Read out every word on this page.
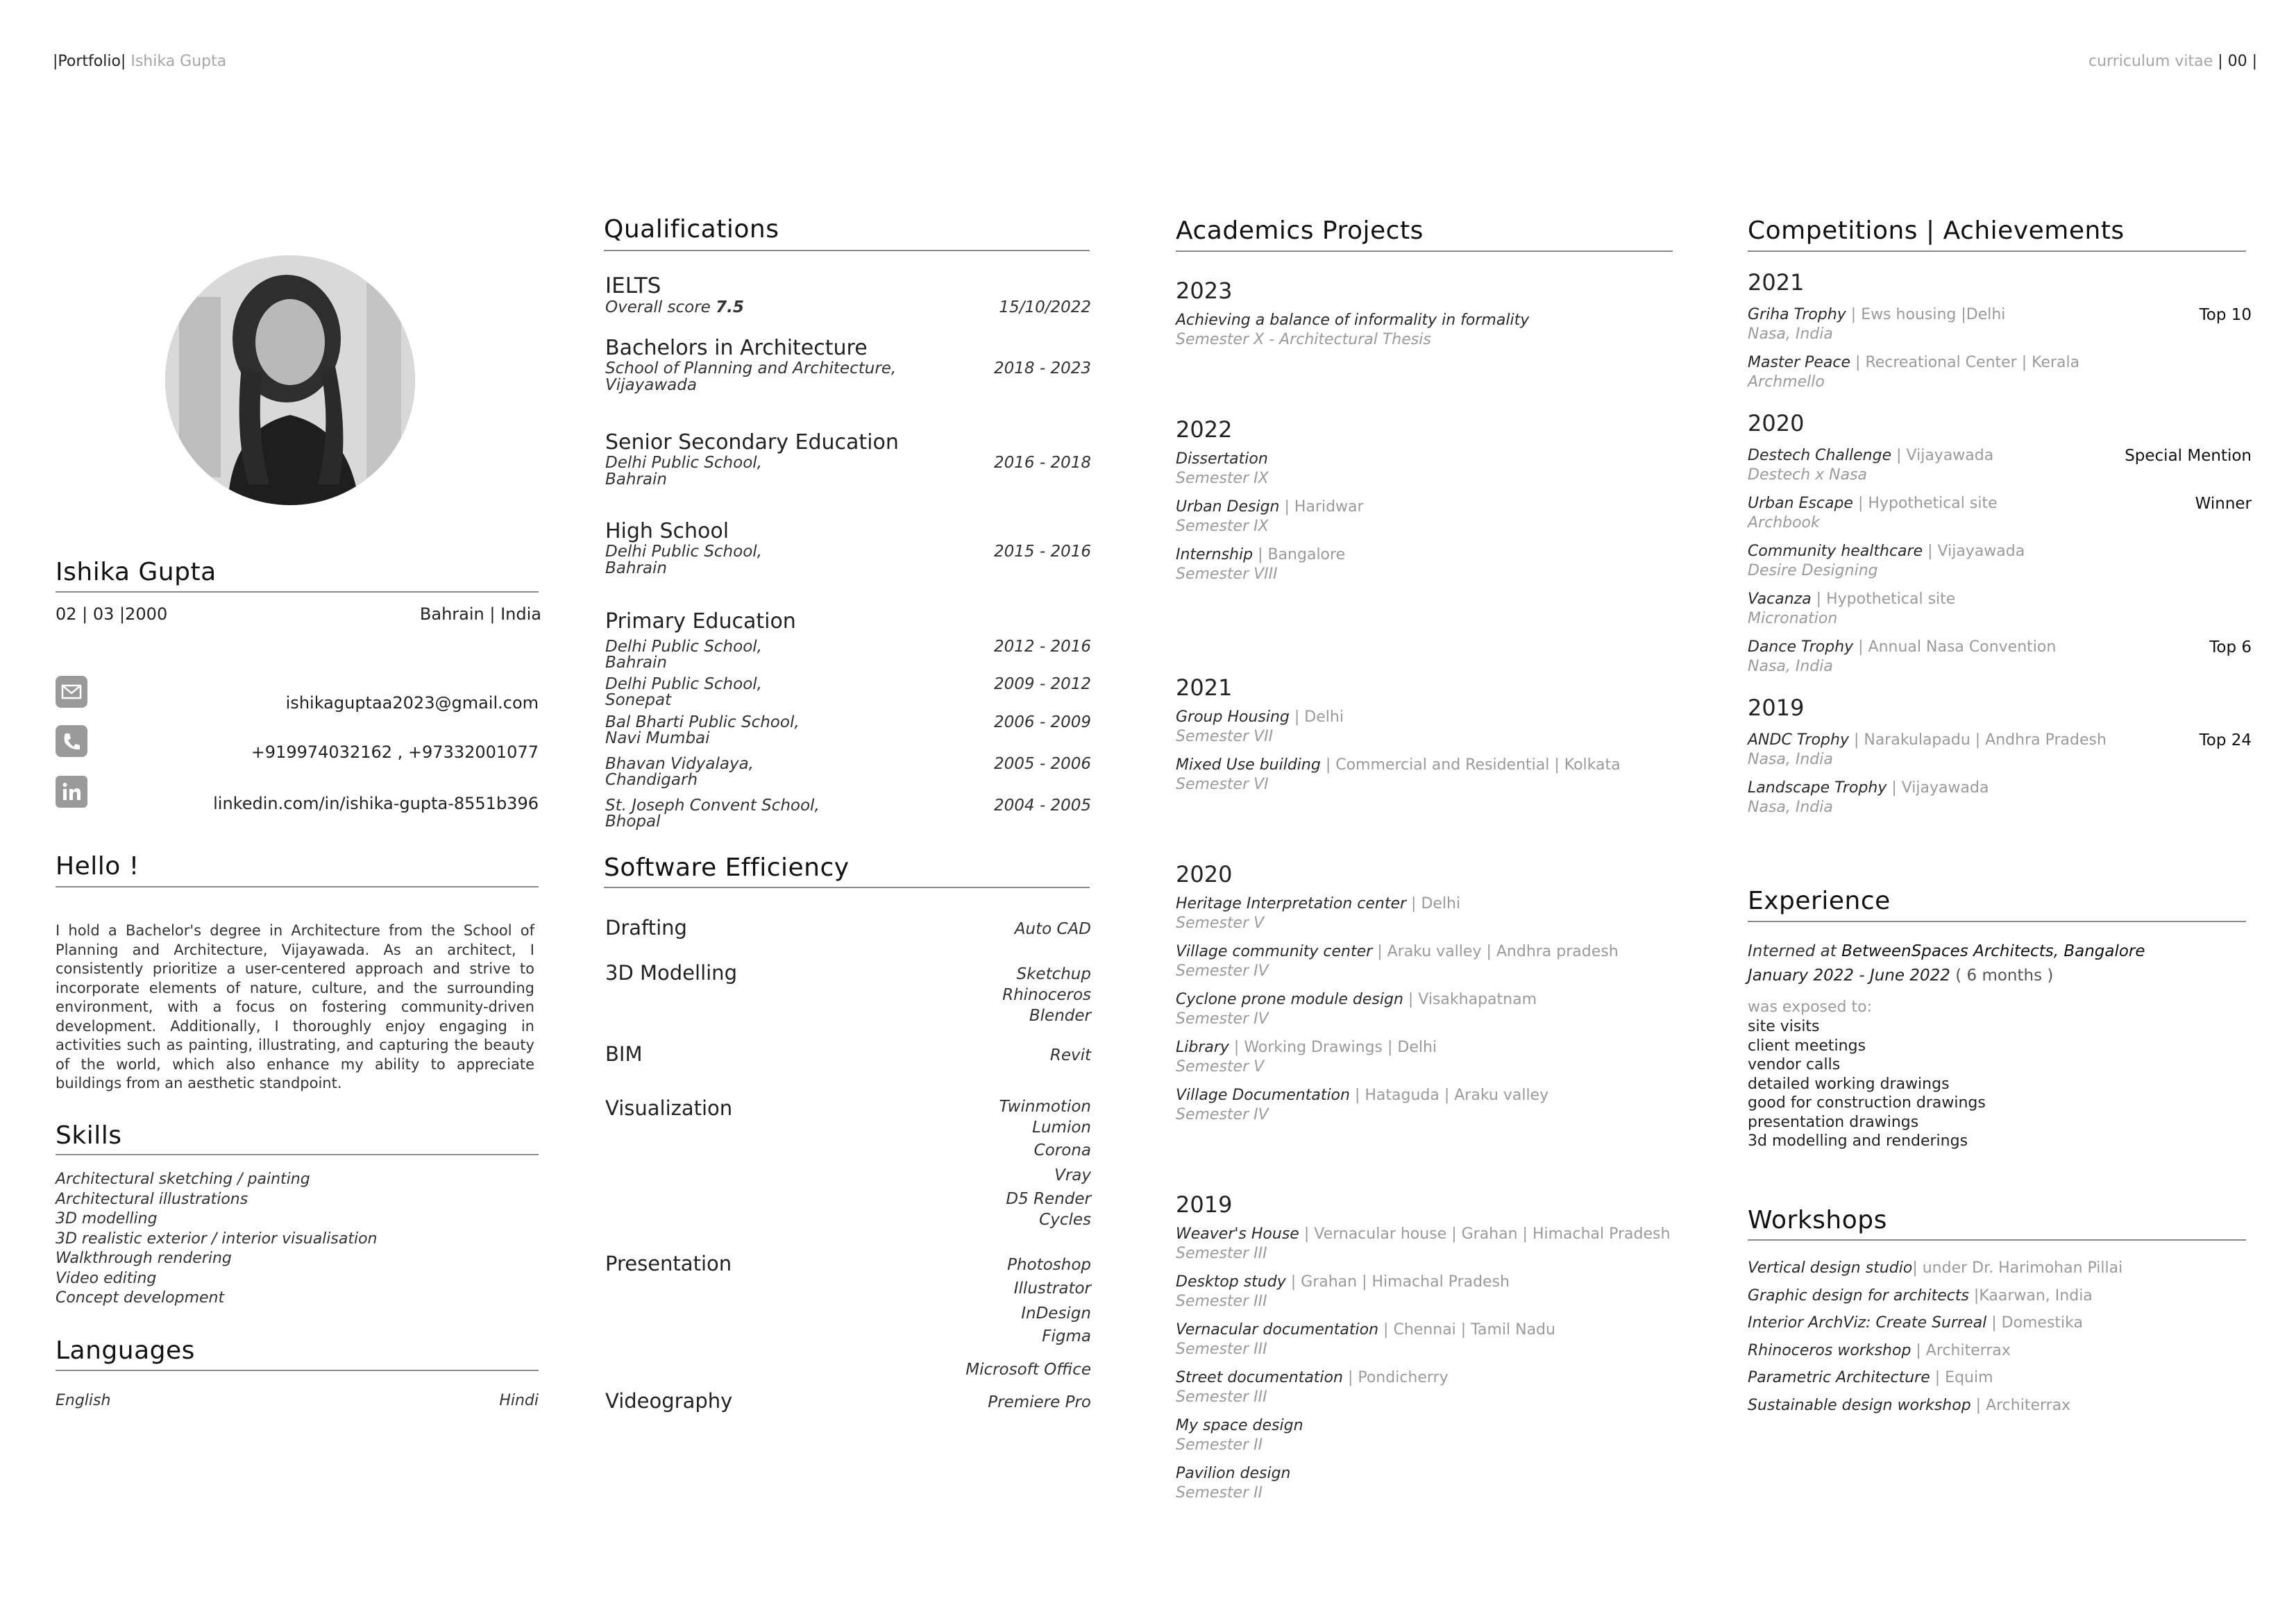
|Portfolio| Ishika Gupta	curriculum vitae | 00 |
Ishika Gupta
02 | 03 |2000	Bahrain | India
ishikaguptaa2023@gmail.com
+919974032162 , +97332001077
linkedin.com/in/ishika-gupta-8551b396
Hello !
I hold a Bachelor's degree in Architecture from the School of Planning and Architecture, Vijayawada. As an architect, I consistently prioritize a user-centered approach and strive to incorporate elements of nature, culture, and the surrounding environment, with a focus on fostering community-driven development. Additionally, I thoroughly enjoy engaging in activities such as painting, illustrating, and capturing the beauty of the world, which also enhance my ability to appreciate buildings from an aesthetic standpoint.
Skills
Architectural sketching / painting
Architectural illustrations
3D modelling
3D realistic exterior / interior visualisation
Walkthrough rendering
Video editing
Concept development
Languages
English	Hindi
Qualifications
IELTS
Overall score 7.5	15/10/2022
Bachelors in Architecture
School of Planning and Architecture,
Vijayawada
2018 - 2023
Senior Secondary Education
Delhi Public School,
Bahrain
2016 - 2018
High School
Delhi Public School,
Bahrain
2015 - 2016
Primary Education
Delhi Public School,
Bahrain
2012 - 2016
Delhi Public School,
Sonepat
2009 - 2012
Bal Bharti Public School,
Navi Mumbai
2006 - 2009
Bhavan Vidyalaya,
Chandigarh
2005 - 2006
St. Joseph Convent School,
Bhopal
2004 - 2005
Software Efficiency
Drafting	Auto CAD
3D Modelling	Sketchup
Rhinoceros
Blender
BIM	Revit
Visualization	Twinmotion
Lumion
Corona
Vray
D5 Render
Cycles
Presentation	Photoshop
Illustrator
InDesign
Figma
Microsoft Office
Videography	Premiere Pro
Academics Projects
2023
Achieving a balance of informality in formality
Semester X - Architectural Thesis
2022
Dissertation
Semester IX
Urban Design | Haridwar
Semester IX
Internship | Bangalore
Semester VIII
2021
Group Housing | Delhi
Semester VII
Mixed Use building | Commercial and Residential | Kolkata
Semester VI
2020
Heritage Interpretation center | Delhi
Semester V
Village community center | Araku valley | Andhra pradesh
Semester IV
Cyclone prone module design | Visakhapatnam
Semester IV
Library | Working Drawings | Delhi
Semester V
Village Documentation | Hataguda | Araku valley
Semester IV
2019
Weaver's House | Vernacular house | Grahan | Himachal Pradesh
Semester III
Desktop study | Grahan | Himachal Pradesh
Semester III
Vernacular documentation | Chennai | Tamil Nadu
Semester III
Street documentation | Pondicherry
Semester III
My space design
Semester II
Pavilion design
Semester II
Competitions | Achievements
2021
Griha Trophy | Ews housing |Delhi	Top 10
Nasa, India
Master Peace | Recreational Center | Kerala
Archmello
2020
Destech Challenge | Vijayawada	Special Mention
Destech x Nasa
Urban Escape | Hypothetical site	Winner
Archbook
Community healthcare | Vijayawada
Desire Designing
Vacanza | Hypothetical site
Micronation
Dance Trophy | Annual Nasa Convention	Top 6
Nasa, India
2019
ANDC Trophy | Narakulapadu | Andhra Pradesh	Top 24
Nasa, India
Landscape Trophy | Vijayawada
Nasa, India
Experience
Interned at BetweenSpaces Architects, Bangalore
January 2022 - June 2022 ( 6 months )
was exposed to:
site visits
client meetings
vendor calls
detailed working drawings
good for construction drawings
presentation drawings
3d modelling and renderings
Workshops
Vertical design studio| under Dr. Harimohan Pillai
Graphic design for architects |Kaarwan, India
Interior ArchViz: Create Surreal | Domestika
Rhinoceros workshop | Architerrax
Parametric Architecture | Equim
Sustainable design workshop | Architerrax
